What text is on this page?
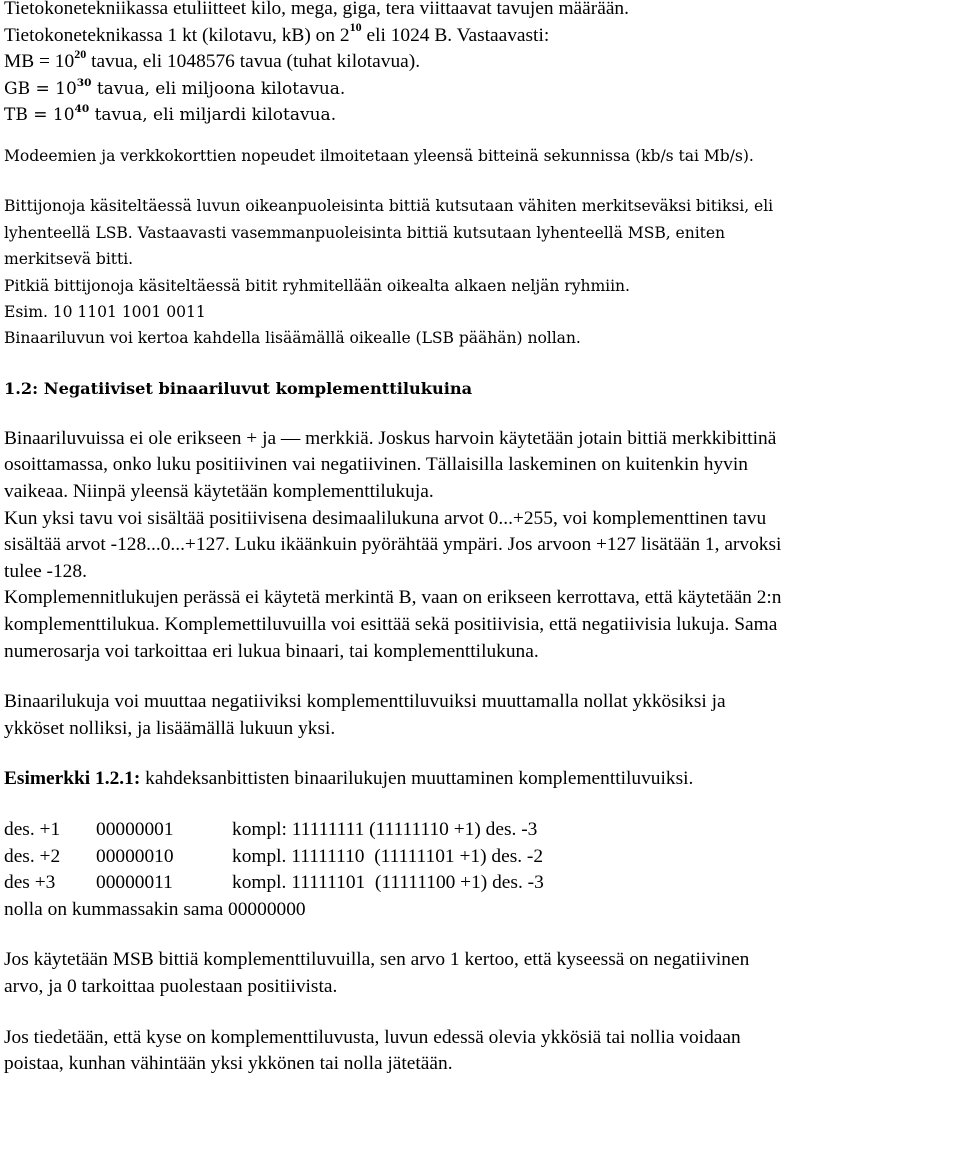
Tietokonetekniikassa etuliitteet kilo, mega, giga, tera viittaavat tavujen määrään.
Tietokoneteknikassa 1 kt (kilotavu, kB) on $2^{10}$ eli 1024 B. Vastaavasti:
MB = $10^{20}$ tavua, eli 1048576 tavua (tuhat kilotavua).
GB = $10^{30}$ tavua, eli miljoona kilotavua.
TB = $10^{40}$ tavua, eli miljardi kilotavua.
Modeemien ja verkkokorttien nopeudet ilmoitetaan yleensä bitteinä sekunnissa (kb/s tai Mb/s).
Bittijonoja käsiteltäessä luvun oikeanpuoleisinta bittiä kutsutaan vähiten merkitseväksi bitiksi, eli
lyhenteellä LSB. Vastaavasti vasemmanpuoleisinta bittiä kutsutaan lyhenteellä MSB, eniten
merkitsevä bitti.
Pitkiä bittijonoja käsiteltäessä bitit ryhmitellään oikealta alkaen neljän ryhmiin.
Esim. 10 1101 1001 0011
Binaariluvun voi kertoa kahdella lisäämällä oikealle (LSB päähän) nollan.
1.2: Negatiiviset binaariluvut komplementtilukuina
Binaariluvuissa ei ole erikseen + ja — merkkiä. Joskus harvoin käytetään jotain bittiä merkkibittinä
osoittamassa, onko luku positiivinen vai negatiivinen. Tällaisilla laskeminen on kuitenkin hyvin
vaikeaa. Niinpä yleensä käytetään komplementtilukuja.
Kun yksi tavu voi sisältää positiivisena desimaalilukuna arvot 0...+255, voi komplementtinen tavu
sisältää arvot -128...0...+127. Luku ikäänkuin pyörähtää ympäri. Jos arvoon +127 lisätään 1, arvoksi
tulee -128.
Komplemennitlukujen perässä ei käytetä merkintä B, vaan on erikseen kerrottava, että käytetään 2:n
komplementtilukua. Komplemettiluvuilla voi esittää sekä positiivisia, että negatiivisia lukuja. Sama
numerosarja voi tarkoittaa eri lukua binaari, tai komplementtilukuna.
Binaarilukuja voi muuttaa negatiiviksi komplementtiluvuiksi muuttamalla nollat ykkösiksi ja
ykköset nolliksi, ja lisäämällä lukuun yksi.
Esimerkki 1.2.1: kahdeksanbittisten binaarilukujen muuttaminen komplementtiluvuiksi.
des. +1 00000001	kompl: 11111111 (11111110 +1) des. -3
des. +2 00000010	kompl. 11111110  (11111101 +1) des. -2
des +3 00000011	kompl. 11111101  (11111100 +1) des. -3
nolla on kummassakin sama 00000000
Jos käytetään MSB bittiä komplementtiluvuilla, sen arvo 1 kertoo, että kyseessä on negatiivinen
arvo, ja 0 tarkoittaa puolestaan positiivista.
Jos tiedetään, että kyse on komplementtiluvusta, luvun edessä olevia ykkösiä tai nollia voidaan
poistaa, kunhan vähintään yksi ykkönen tai nolla jätetään.
